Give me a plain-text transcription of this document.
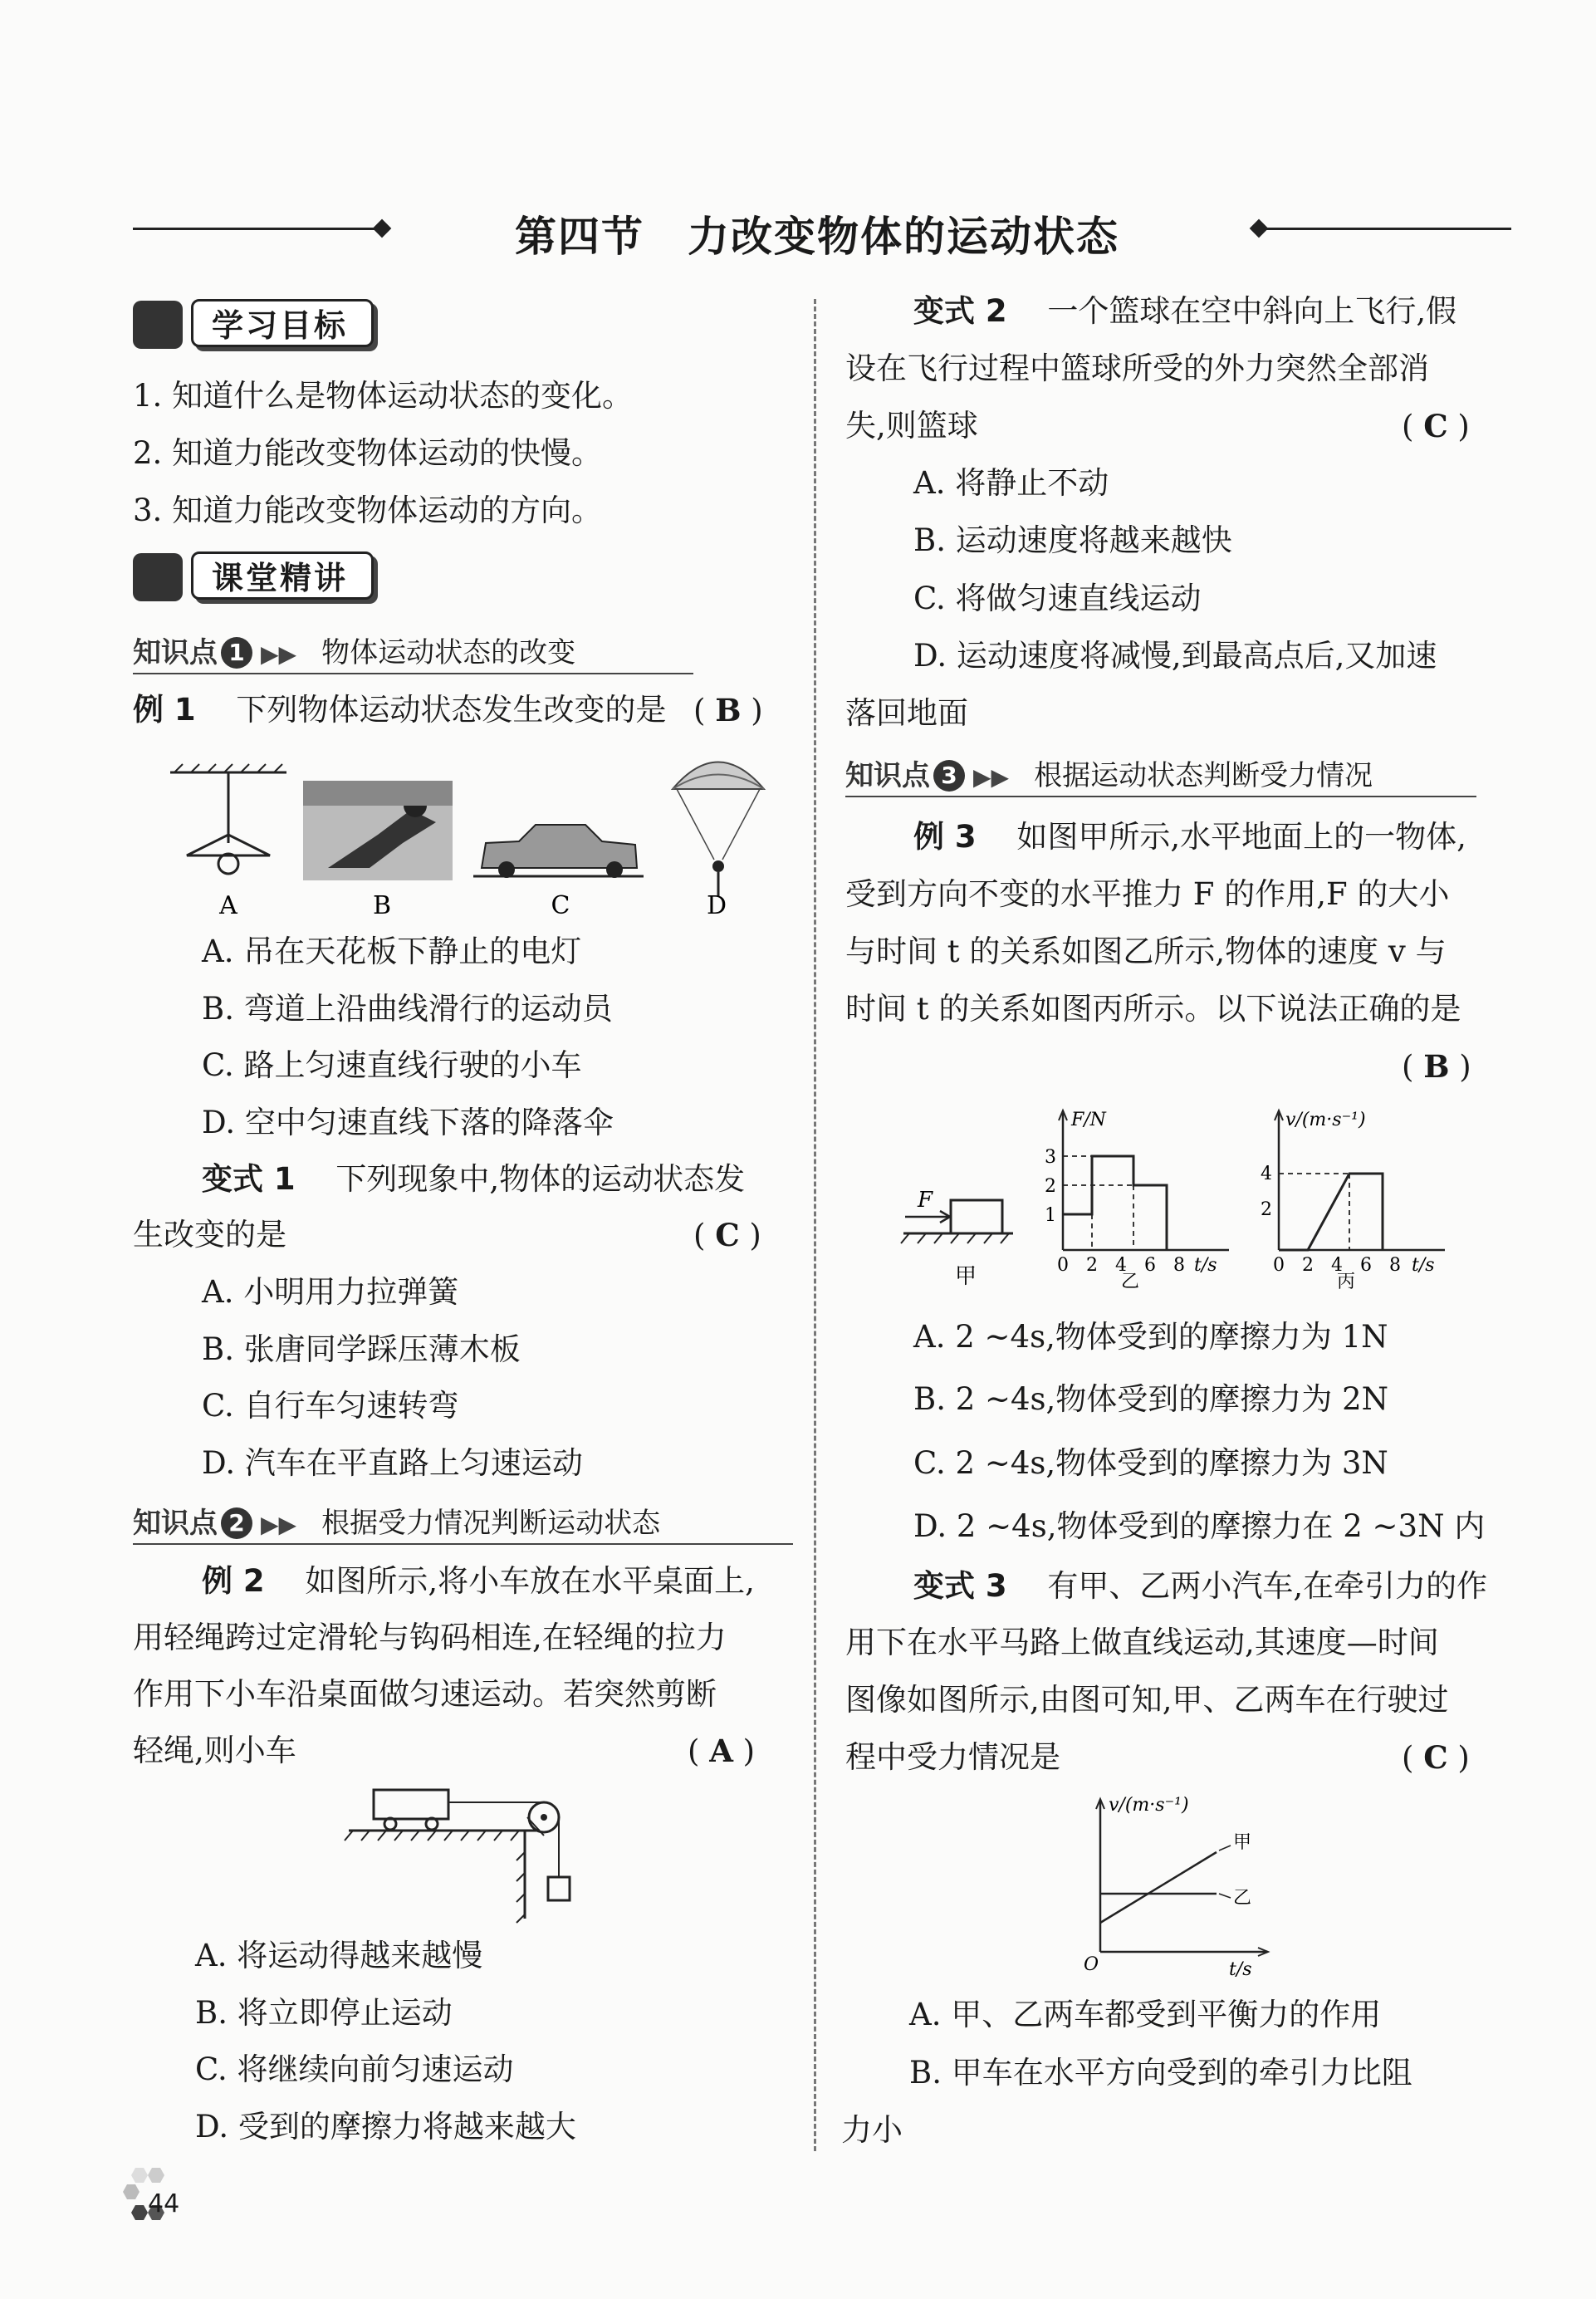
第四节　力改变物体的运动状态
学习目标
1. 知道什么是物体运动状态的变化。
2. 知道力能改变物体运动的快慢。
3. 知道力能改变物体运动的方向。
课堂精讲
知识点 1 ▶▶ 物体运动状态的改变
例 1　 下列物体运动状态发生改变的是 ( B )
A	B	C	D
A. 吊在天花板下静止的电灯
B. 弯道上沿曲线滑行的运动员
C. 路上匀速直线行驶的小车
D. 空中匀速直线下落的降落伞
变式 1　 下列现象中,物体的运动状态发
生改变的是	( C )
A. 小明用力拉弹簧
B. 张唐同学踩压薄木板
C. 自行车匀速转弯
D. 汽车在平直路上匀速运动
知识点 2 ▶▶ 根据受力情况判断运动状态
例 2　 如图所示,将小车放在水平桌面上,
用轻绳跨过定滑轮与钩码相连,在轻绳的拉力
作用下小车沿桌面做匀速运动。若突然剪断
轻绳,则小车	( A )
A. 将运动得越来越慢
B. 将立即停止运动
C. 将继续向前匀速运动
D. 受到的摩擦力将越来越大
变式 2　 一个篮球在空中斜向上飞行,假
设在飞行过程中篮球所受的外力突然全部消
失,则篮球	( C )
A. 将静止不动
B. 运动速度将越来越快
C. 将做匀速直线运动
D. 运动速度将减慢,到最高点后,又加速
落回地面
知识点 3 ▶▶ 根据运动状态判断受力情况
例 3　 如图甲所示,水平地面上的一物体,
受到方向不变的水平推力 F 的作用,F 的大小
与时间 t 的关系如图乙所示,物体的速度 v 与
时间 t 的关系如图丙所示。以下说法正确的是
( B )
F
甲
F/N
3
2
1
0 2 4 6 8 t/s
乙
v/(m·s⁻¹)
4
2
0 2 4 6 8 t/s
丙
A. 2 ~4s,物体受到的摩擦力为 1N
B. 2 ~4s,物体受到的摩擦力为 2N
C. 2 ~4s,物体受到的摩擦力为 3N
D. 2 ~4s,物体受到的摩擦力在 2 ~3N 内
变式 3　 有甲、乙两小汽车,在牵引力的作
用下在水平马路上做直线运动,其速度—时间
图像如图所示,由图可知,甲、乙两车在行驶过
程中受力情况是	( C )
v/(m·s⁻¹)
甲
乙
O	t/s
A. 甲、乙两车都受到平衡力的作用
B. 甲车在水平方向受到的牵引力比阻
力小
44
